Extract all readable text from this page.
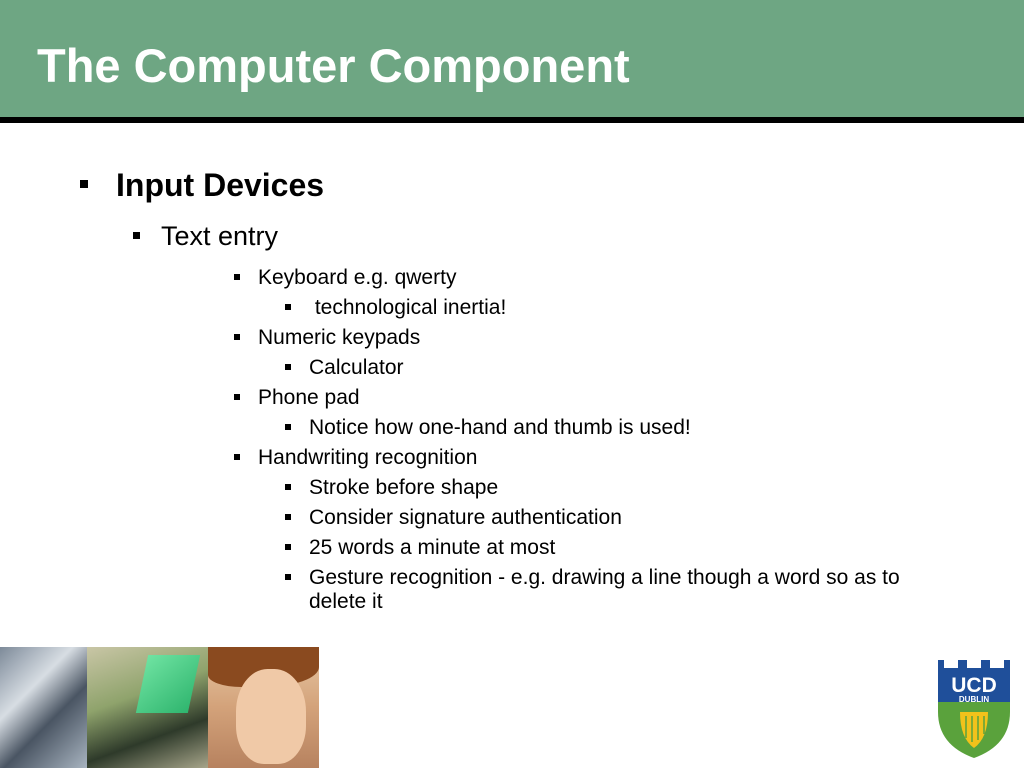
The Computer Component
Input Devices
Text entry
Keyboard e.g. qwerty
technological inertia!
Numeric keypads
Calculator
Phone pad
Notice how one-hand and thumb is used!
Handwriting recognition
Stroke before shape
Consider signature authentication
25 words a minute at most
Gesture recognition - e.g. drawing a line though a word so as to delete it
UCD
DUBLIN
